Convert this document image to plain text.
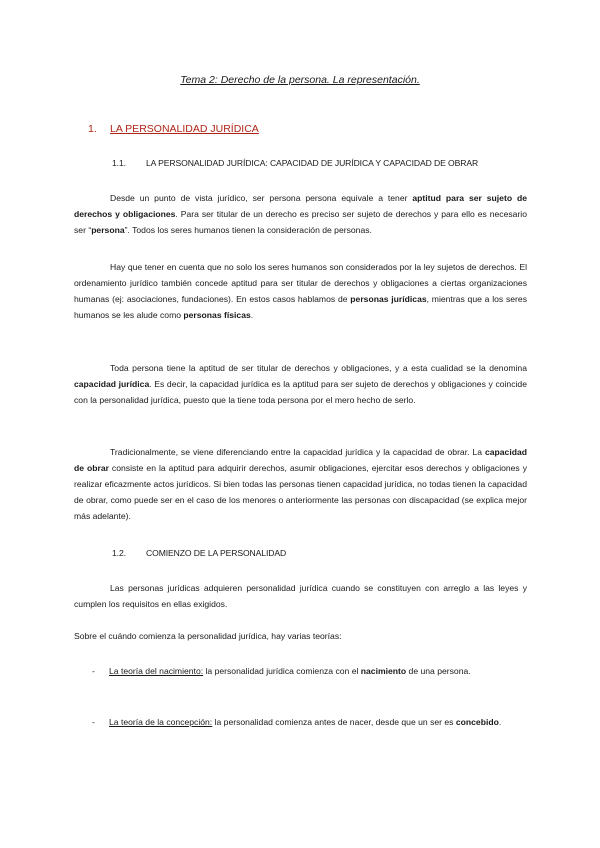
Tema 2: Derecho de la persona. La representación.
1. LA PERSONALIDAD JURÍDICA
1.1. LA PERSONALIDAD JURÍDICA: CAPACIDAD DE JURÍDICA Y CAPACIDAD DE OBRAR

Desde un punto de vista jurídico, ser persona persona equivale a tener aptitud para ser sujeto de derechos y obligaciones. Para ser titular de un derecho es preciso ser sujeto de derechos y para ello es necesario ser “persona”. Todos los seres humanos tienen la consideración de personas.

Hay que tener en cuenta que no solo los seres humanos son considerados por la ley sujetos de derechos. El ordenamiento jurídico también concede aptitud para ser titular de derechos y obligaciones a ciertas organizaciones humanas (ej: asociaciones, fundaciones). En estos casos hablamos de personas jurídicas, mientras que a los seres humanos se les alude como personas físicas.

Toda persona tiene la aptitud de ser titular de derechos y obligaciones, y a esta cualidad se la denomina capacidad jurídica. Es decir, la capacidad jurídica es la aptitud para ser sujeto de derechos y obligaciones y coincide con la personalidad jurídica, puesto que la tiene toda persona por el mero hecho de serlo.

Tradicionalmente, se viene diferenciando entre la capacidad jurídica y la capacidad de obrar. La capacidad de obrar consiste en la aptitud para adquirir derechos, asumir obligaciones, ejercitar esos derechos y obligaciones y realizar eficazmente actos jurídicos. Si bien todas las personas tienen capacidad jurídica, no todas tienen la capacidad de obrar, como puede ser en el caso de los menores o anteriormente las personas con discapacidad (se explica mejor más adelante).

1.2. COMIENZO DE LA PERSONALIDAD

Las personas jurídicas adquieren personalidad jurídica cuando se constituyen con arreglo a las leyes y cumplen los requisitos en ellas exigidos.

Sobre el cuándo comienza la personalidad jurídica, hay varias teorías:

- La teoría del nacimiento: la personalidad jurídica comienza con el nacimiento de una persona.

- La teoría de la concepción: la personalidad comienza antes de nacer, desde que un ser es concebido.
